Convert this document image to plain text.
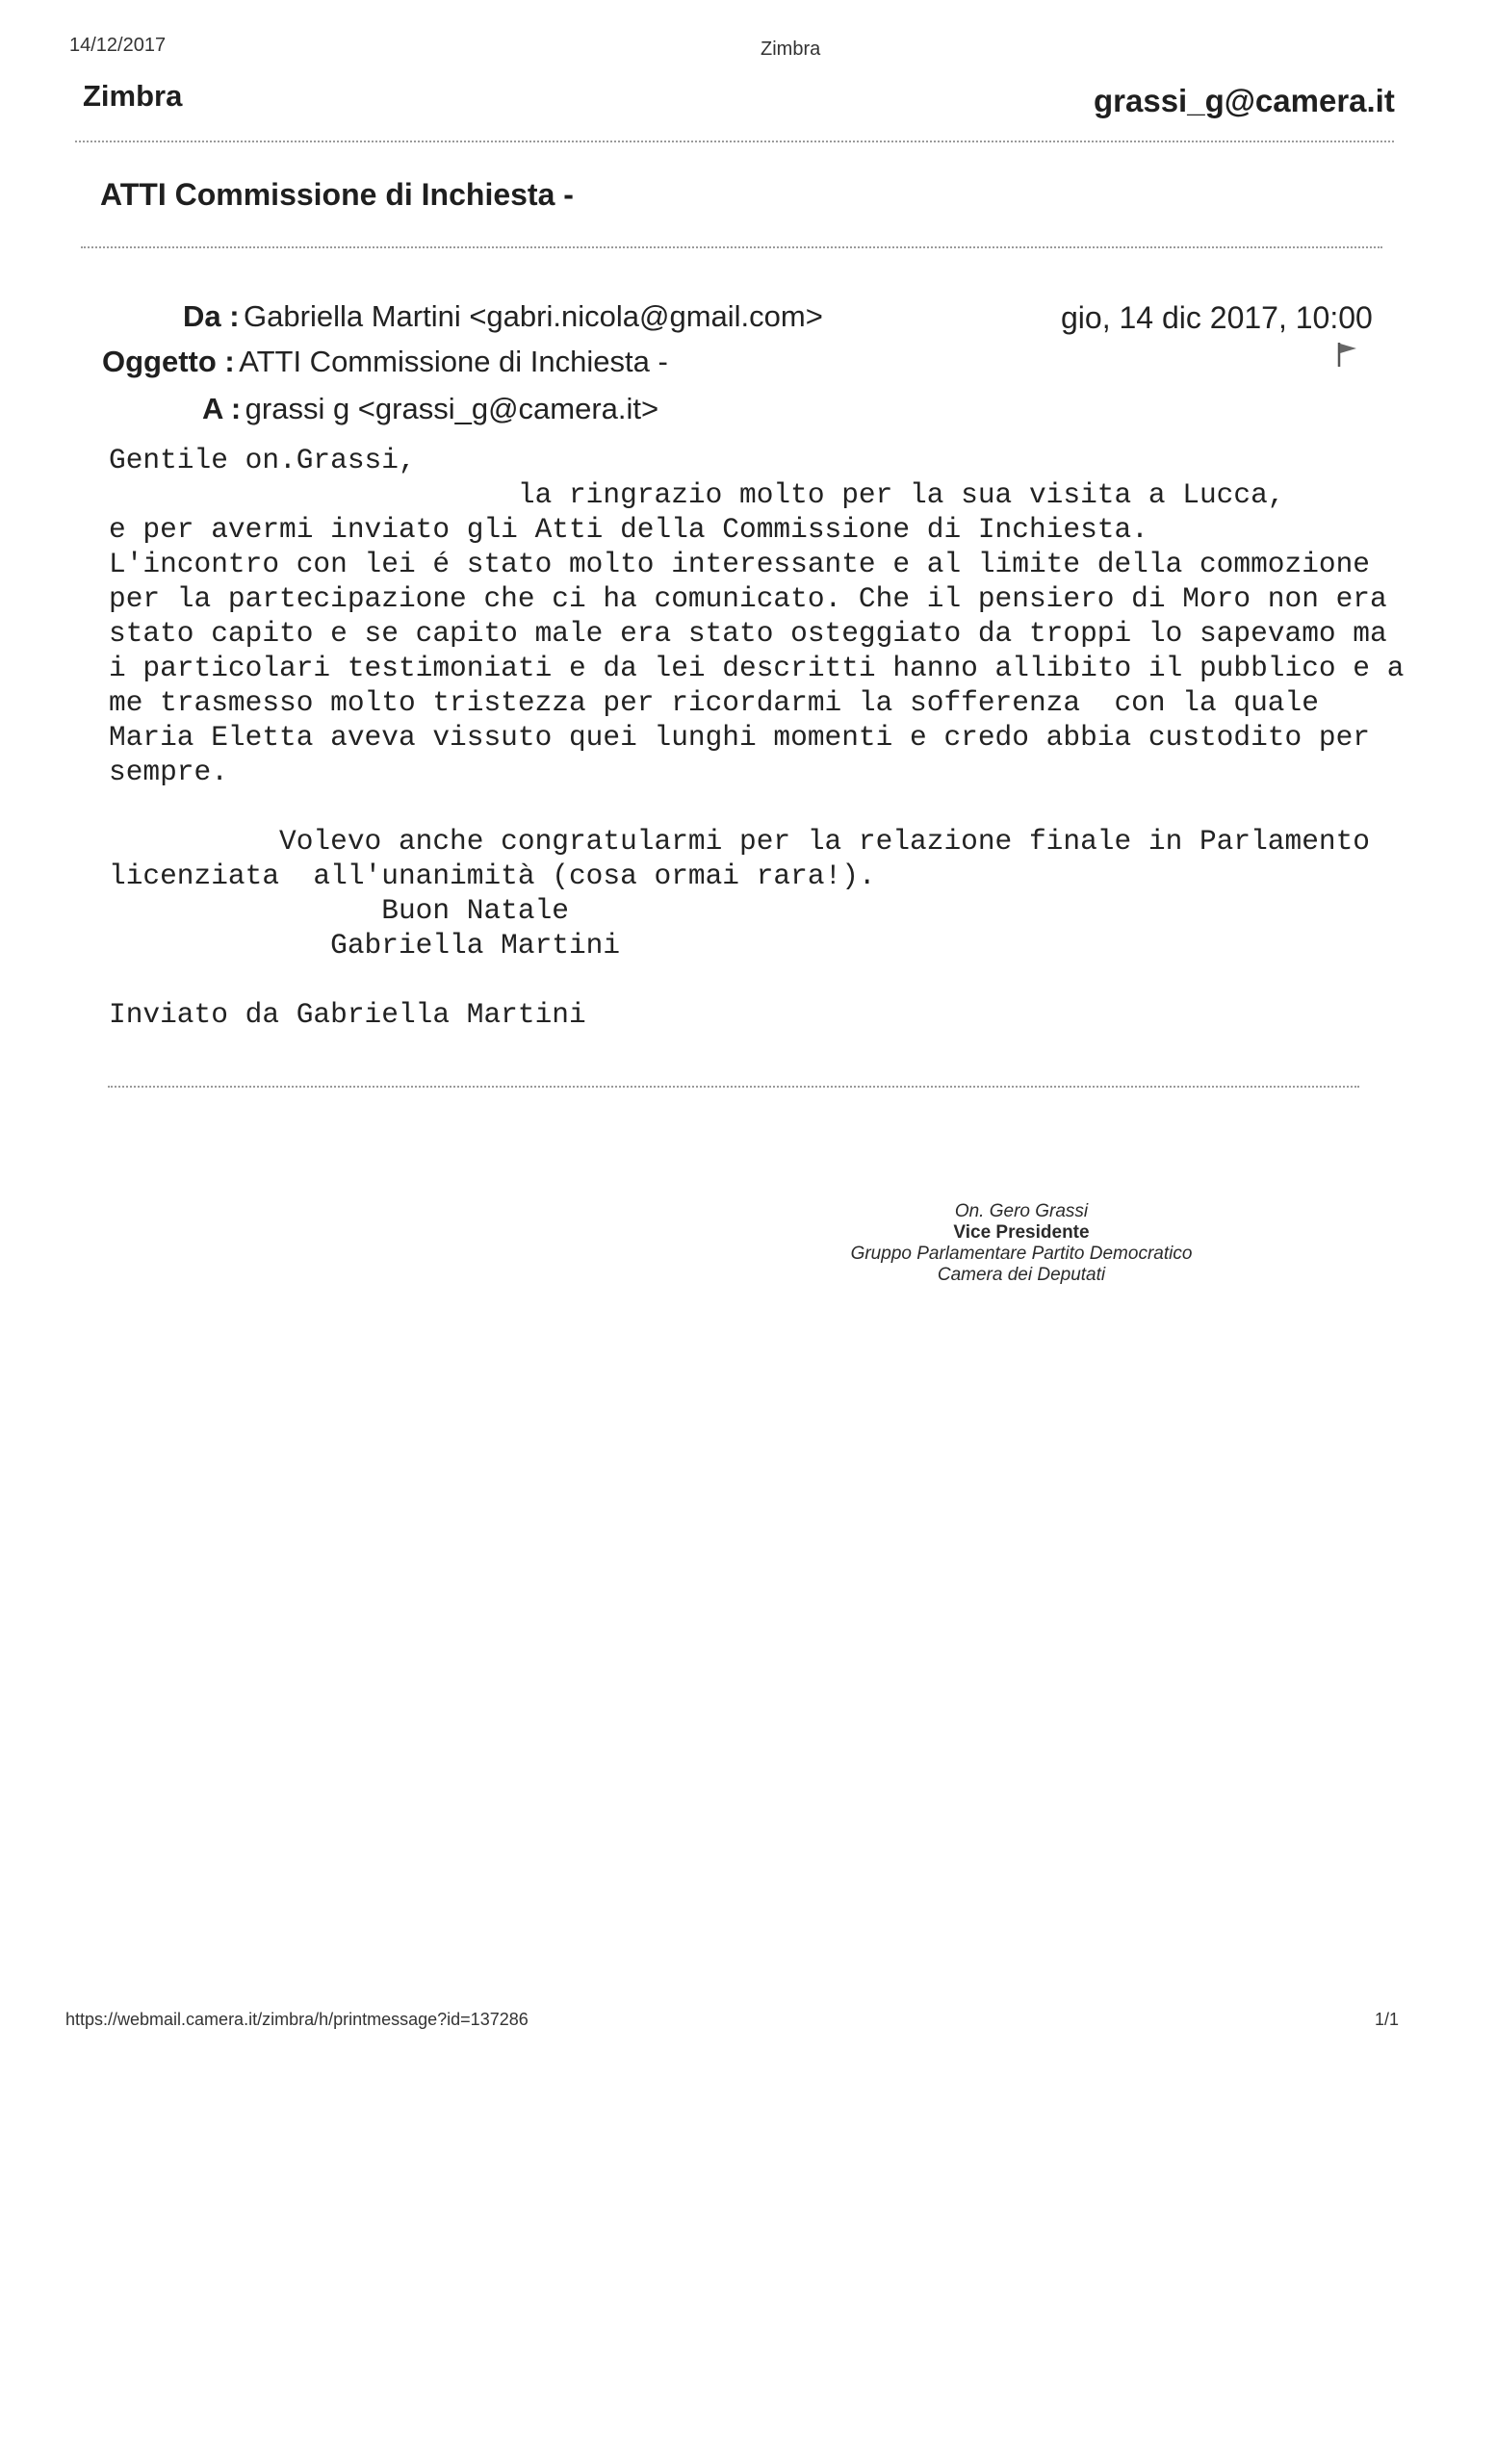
14/12/2017	Zimbra
Zimbra	grassi_g@camera.it
ATTI Commissione di Inchiesta -
Da : Gabriella Martini <gabri.nicola@gmail.com>	gio, 14 dic 2017, 10:00
Oggetto : ATTI Commissione di Inchiesta -
A : grassi g <grassi_g@camera.it>
Gentile on.Grassi,
la ringrazio molto per la sua visita a Lucca,
e per avermi inviato gli Atti della Commissione di Inchiesta.
L'incontro con lei é stato molto interessante e al limite della commozione
per la partecipazione che ci ha comunicato. Che il pensiero di Moro non era
stato capito e se capito male era stato osteggiato da troppi lo sapevamo ma
i particolari testimoniati e da lei descritti hanno allibito il pubblico e a
me trasmesso molto tristezza per ricordarmi la sofferenza  con la quale
Maria Eletta aveva vissuto quei lunghi momenti e credo abbia custodito per
sempre.

Volevo anche congratularmi per la relazione finale in Parlamento
licenziata  all'unanimità (cosa ormai rara!).
Buon Natale
Gabriella Martini

Inviato da Gabriella Martini
On. Gero Grassi
Vice Presidente
Gruppo Parlamentare Partito Democratico
Camera dei Deputati
https://webmail.camera.it/zimbra/h/printmessage?id=137286	1/1
